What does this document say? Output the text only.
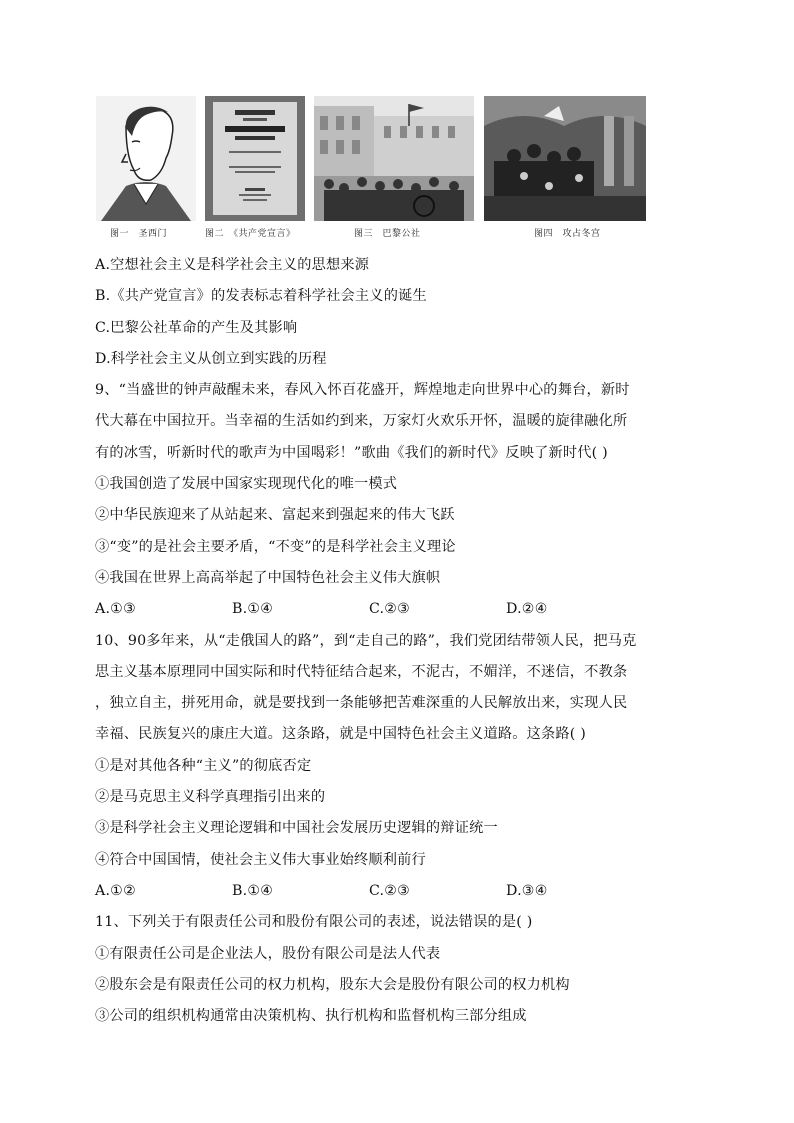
图一　圣西门	图二　《共产党宣言》	图三　巴黎公社	图四　攻占冬宫
A.空想社会主义是科学社会主义的思想来源
B.《共产党宣言》的发表标志着科学社会主义的诞生
C.巴黎公社革命的产生及其影响
D.科学社会主义从创立到实践的历程
9、“当盛世的钟声敲醒未来，春风入怀百花盛开，辉煌地走向世界中心的舞台，新时
代大幕在中国拉开。当幸福的生活如约到来，万家灯火欢乐开怀，温暖的旋律融化所
有的冰雪，听新时代的歌声为中国喝彩！”歌曲《我们的新时代》反映了新时代( )
①我国创造了发展中国家实现现代化的唯一模式
②中华民族迎来了从站起来、富起来到强起来的伟大飞跃
③“变”的是社会主要矛盾，“不变”的是科学社会主义理论
④我国在世界上高高举起了中国特色社会主义伟大旗帜
A.①③	B.①④	C.②③	D.②④
10、90多年来，从“走俄国人的路”，到“走自己的路”，我们党团结带领人民，把马克
思主义基本原理同中国实际和时代特征结合起来，不泥古，不媚洋，不迷信，不教条
，独立自主，拼死用命，就是要找到一条能够把苦难深重的人民解放出来，实现人民
幸福、民族复兴的康庄大道。这条路，就是中国特色社会主义道路。这条路( )
①是对其他各种“主义”的彻底否定
②是马克思主义科学真理指引出来的
③是科学社会主义理论逻辑和中国社会发展历史逻辑的辩证统一
④符合中国国情，使社会主义伟大事业始终顺利前行
A.①②	B.①④	C.②③	D.③④
11、下列关于有限责任公司和股份有限公司的表述，说法错误的是( )
①有限责任公司是企业法人，股份有限公司是法人代表
②股东会是有限责任公司的权力机构，股东大会是股份有限公司的权力机构
③公司的组织机构通常由决策机构、执行机构和监督机构三部分组成
